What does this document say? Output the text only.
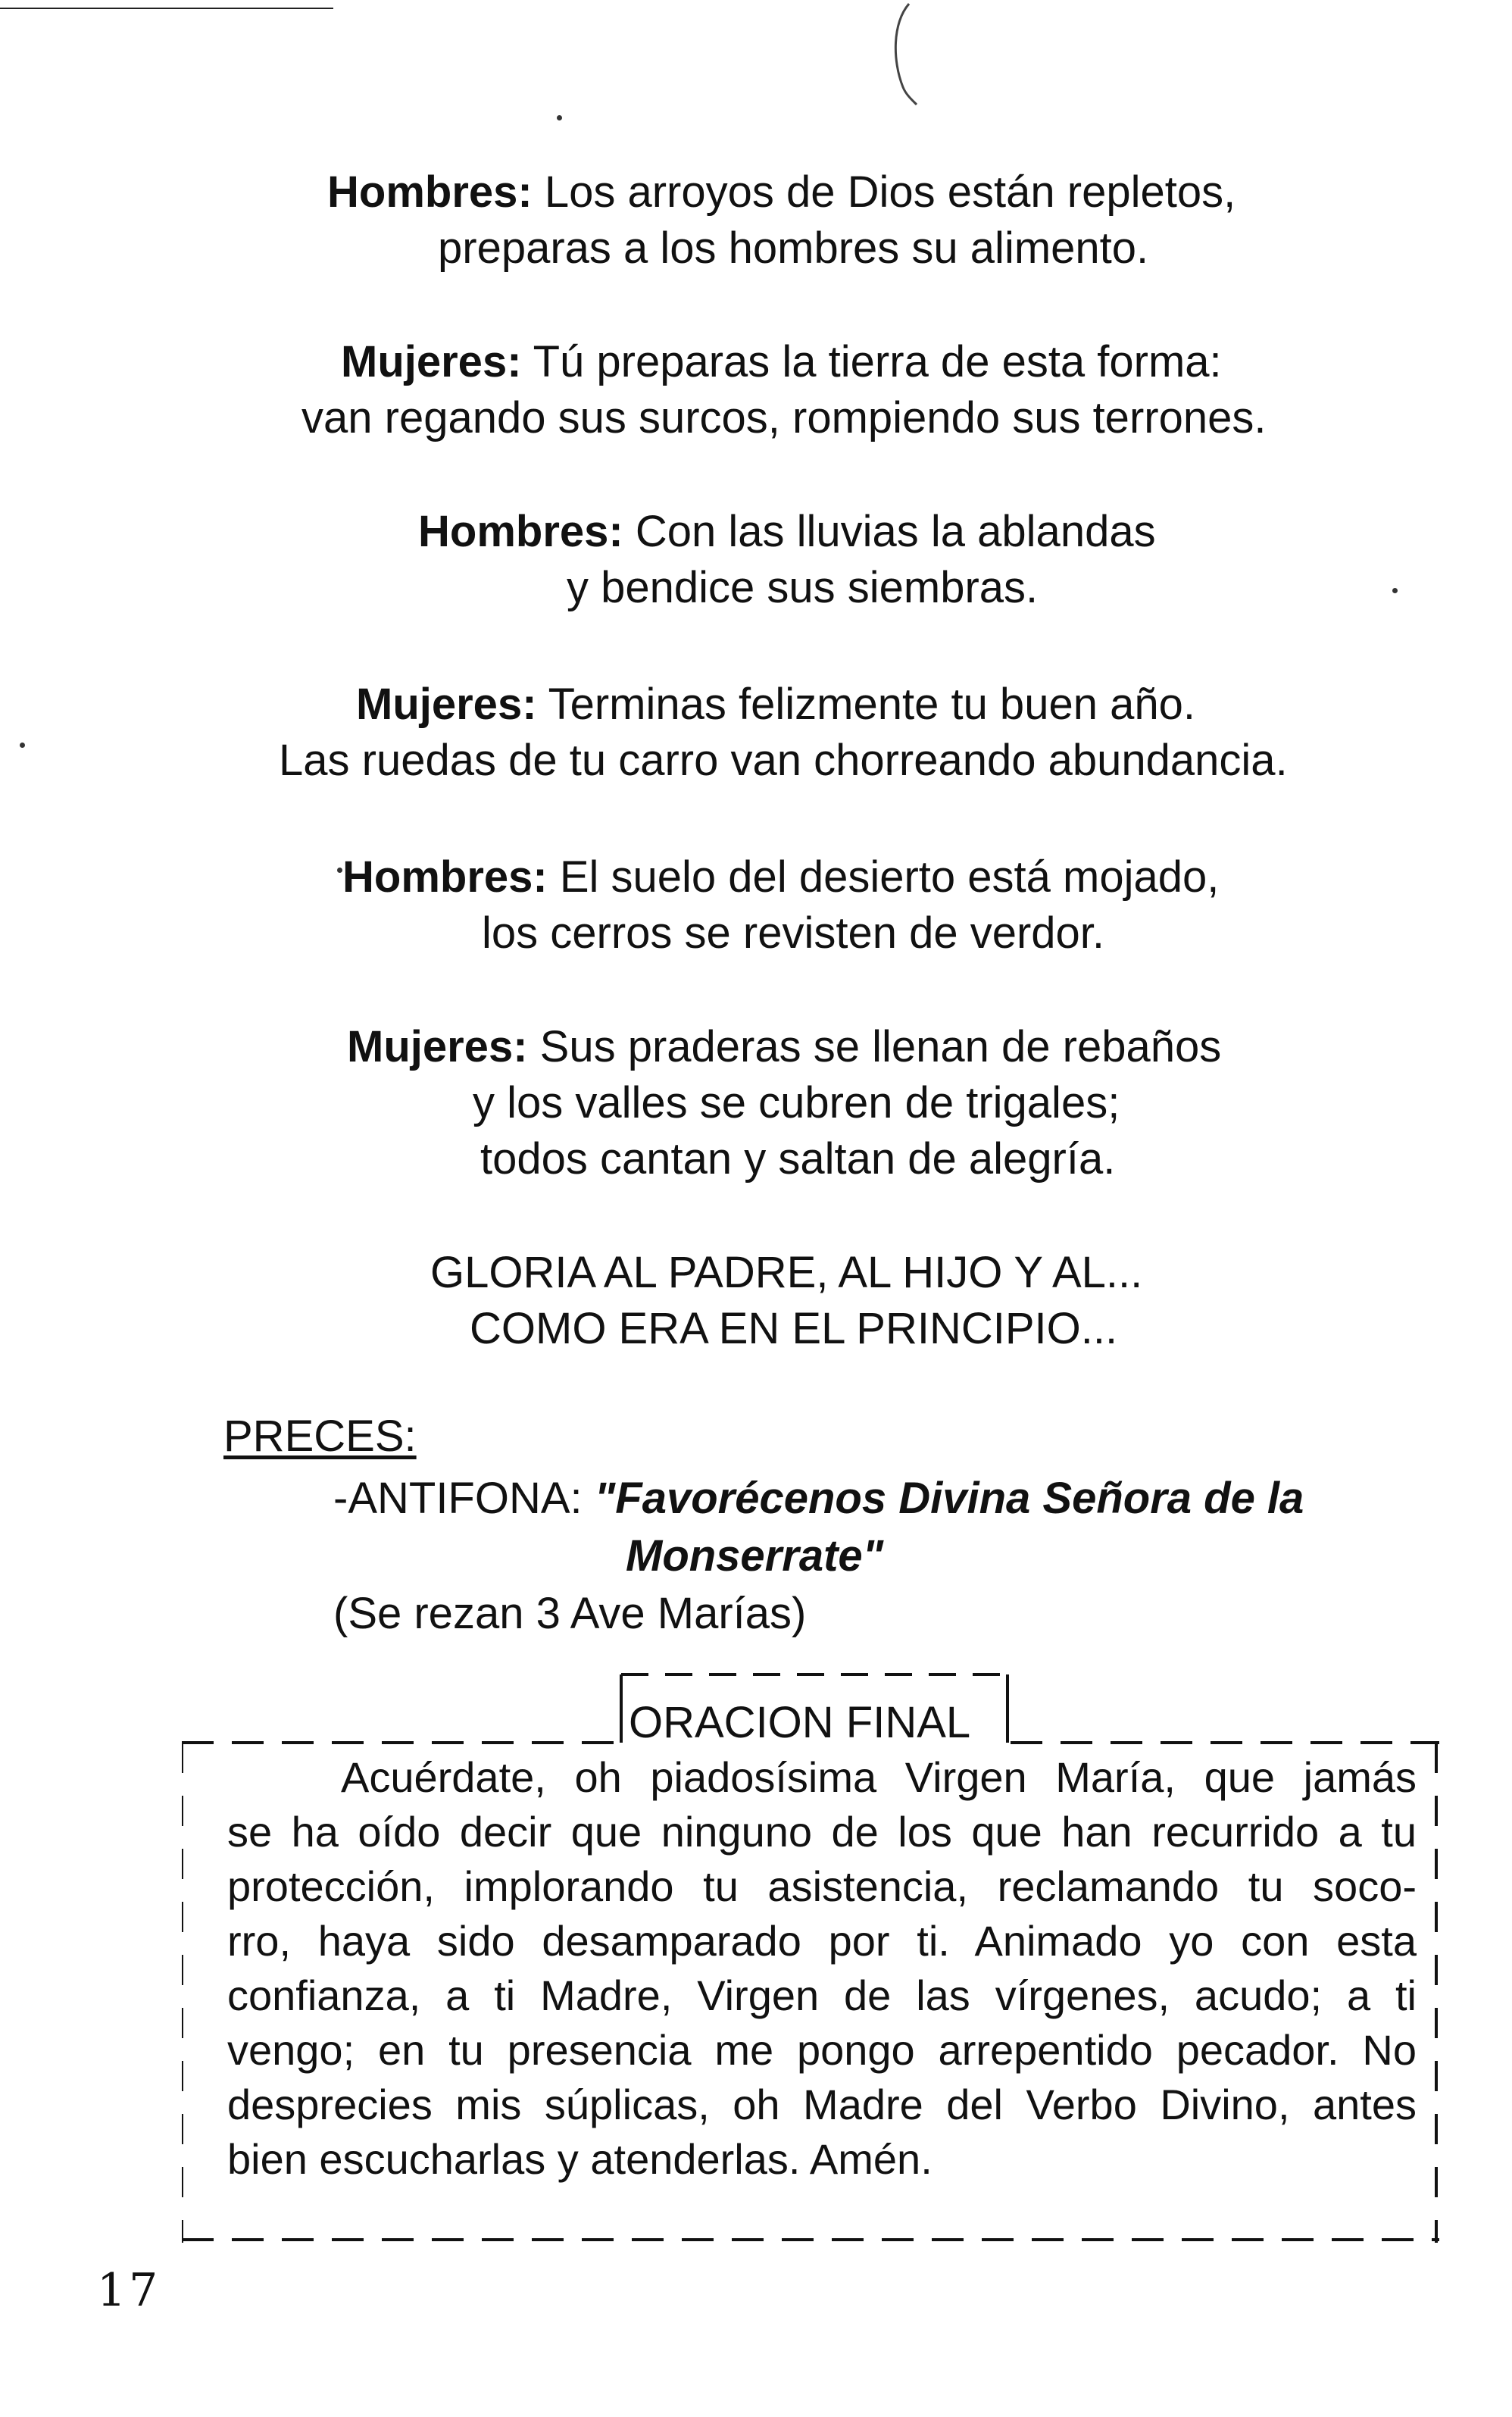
Hombres: Los arroyos de Dios están repletos,
preparas a los hombres su alimento.
Mujeres: Tú preparas la tierra de esta forma:
van regando sus surcos, rompiendo sus terrones.
Hombres: Con las lluvias la ablandas
y bendice sus siembras.
Mujeres: Terminas felizmente tu buen año.
Las ruedas de tu carro van chorreando abundancia.
Hombres: El suelo del desierto está mojado,
los cerros se revisten de verdor.
Mujeres: Sus praderas se llenan de rebaños
y los valles se cubren de trigales;
todos cantan y saltan de alegría.
GLORIA AL PADRE, AL HIJO Y AL...
COMO ERA EN EL PRINCIPIO...
PRECES:
-ANTIFONA: "Favorécenos Divina Señora de la
Monserrate"
(Se rezan 3 Ave Marías)
ORACION FINAL
Acuérdate, oh piadosísima Virgen María, que jamás
se ha oído decir que ninguno de los que han recurrido a tu
protección, implorando tu asistencia, reclamando tu soco-
rro, haya sido desamparado por ti. Animado yo con esta
confianza, a ti Madre, Virgen de las vírgenes, acudo; a ti
vengo; en tu presencia me pongo arrepentido pecador. No
desprecies mis súplicas, oh Madre del Verbo Divino, antes
bien escucharlas y atenderlas. Amén.
17
